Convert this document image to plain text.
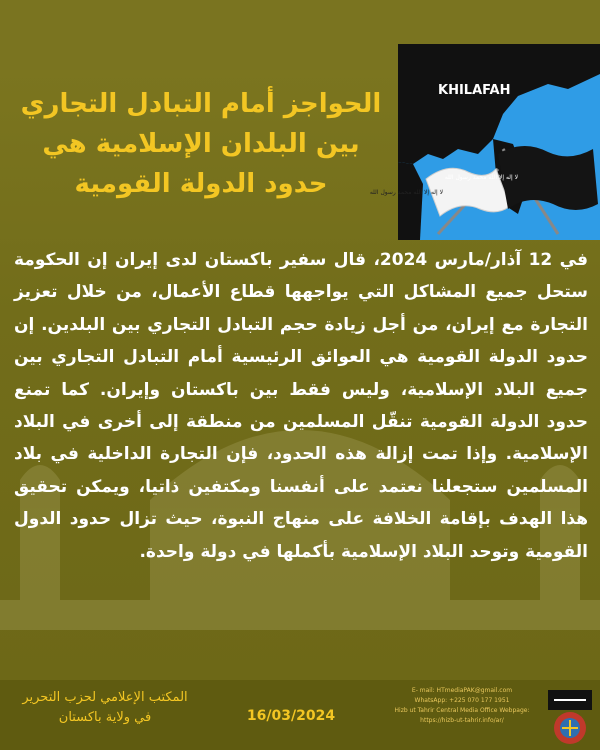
الحواجز أمام التبادل التجاري بين البلدان الإسلامية هي حدود الدولة القومية
KHILAFAH
لا إله إلا الله محمد رسول الله
لا إله إلا الله محمد رسول الله
في 12 آذار/مارس 2024، قال سفير باكستان لدى إيران إن الحكومة ستحل جميع المشاكل التي يواجهها قطاع الأعمال، من خلال تعزيز التجارة مع إيران، من أجل زيادة حجم التبادل التجاري بين البلدين. إن حدود الدولة القومية هي العوائق الرئيسية أمام التبادل التجاري بين جميع البلاد الإسلامية، وليس فقط بين باكستان وإيران. كما تمنع حدود الدولة القومية تنقّل المسلمين من منطقة إلى أخرى في البلاد الإسلامية. وإذا تمت إزالة هذه الحدود، فإن التجارة الداخلية في بلاد المسلمين ستجعلنا نعتمد على أنفسنا ومكتفين ذاتيا، ويمكن تحقيق هذا الهدف بإقامة الخلافة على منهاج النبوة، حيث تزال حدود الدول القومية وتوحد البلاد الإسلامية بأكملها في دولة واحدة.
المكتب الإعلامي لحزب التحرير
في ولاية باكستان	16/03/2024
E- mail: HTmediaPAK@gmail.com
WhatsApp: +225 070 177 1951
Hizb ut Tahrir Central Media Office Webpage:
https://hizb-ut-tahrir.info/ar/
